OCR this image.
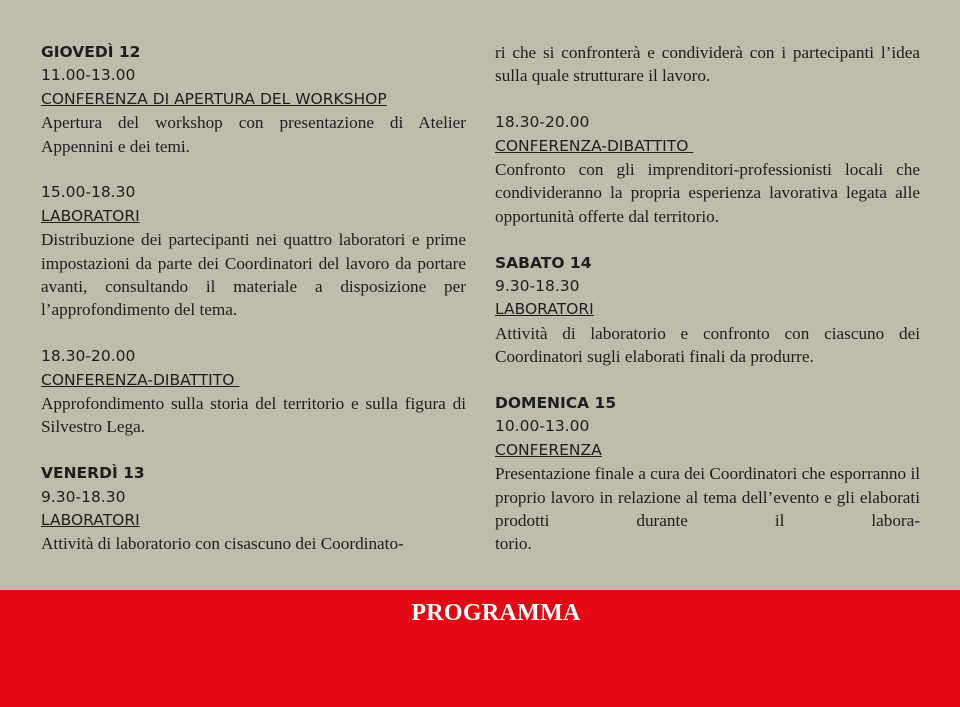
GIOVEDÌ 12
11.00-13.00
CONFERENZA DI APERTURA DEL WORKSHOP
Apertura del workshop con presentazione di Atelier Appennini e dei temi.
15.00-18.30
LABORATORI
Distribuzione dei partecipanti nei quattro laboratori e prime impostazioni da parte dei Coordinatori del lavoro da portare avanti, consultando il materiale a disposizione per l’approfondimento del tema.
18.30-20.00
CONFERENZA-DIBATTITO
Approfondimento sulla storia del territorio e sulla figura di Silvestro Lega.
VENERDÌ 13
9.30-18.30
LABORATORI
Attività di laboratorio con cisascuno dei Coordinato-
ri che si confronterà e condividerà con i partecipanti l’idea sulla quale strutturare il lavoro.
18.30-20.00
CONFERENZA-DIBATTITO
Confronto con gli imprenditori-professionisti locali che condivideranno la propria esperienza lavorativa legata alle opportunità offerte dal territorio.
SABATO 14
9.30-18.30
LABORATORI
Attività di laboratorio e confronto con ciascuno dei Coordinatori sugli elaborati finali da produrre.
DOMENICA 15
10.00-13.00
CONFERENZA
Presentazione finale a cura dei Coordinatori che esporranno il proprio lavoro in relazione al tema dell’evento e gli elaborati prodotti durante il labora-
torio.
PROGRAMMA
